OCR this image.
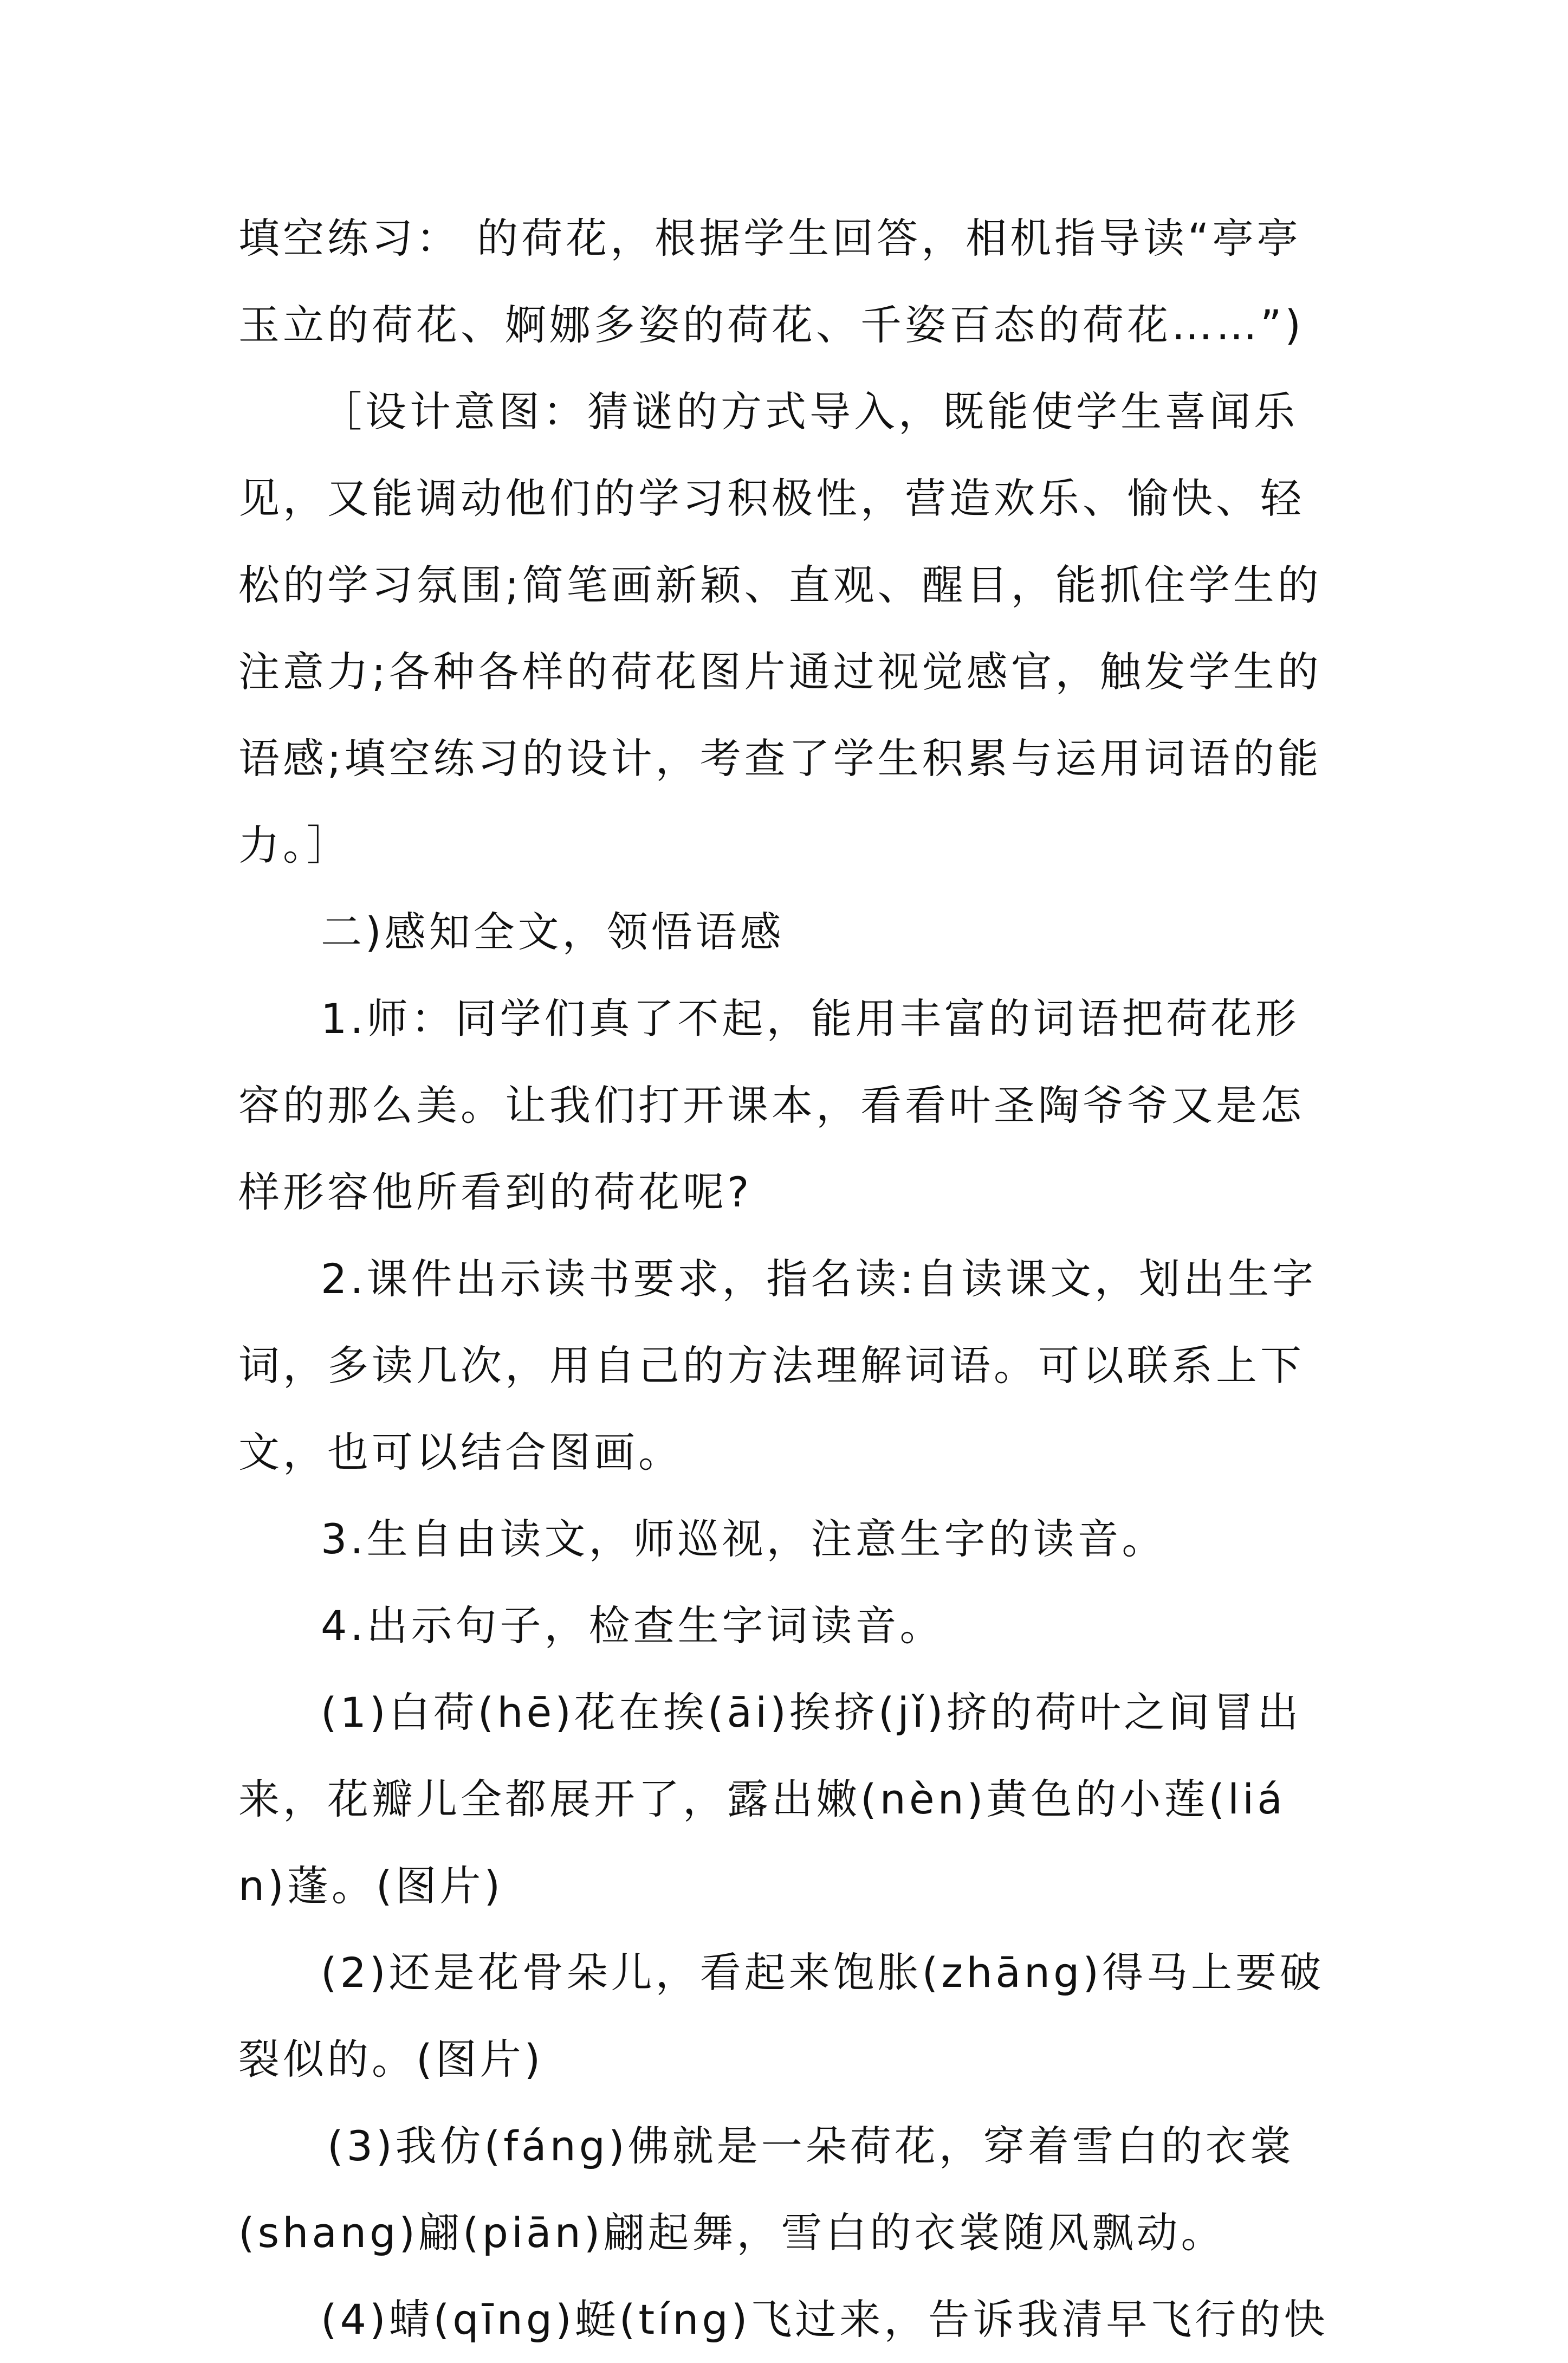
填空练习： 的荷花，根据学生回答，相机指导读“亭亭玉立的荷花、婀娜多姿的荷花、千姿百态的荷花……”)

［设计意图：猜谜的方式导入，既能使学生喜闻乐见，又能调动他们的学习积极性，营造欢乐、愉快、轻松的学习氛围;简笔画新颖、直观、醒目，能抓住学生的注意力;各种各样的荷花图片通过视觉感官，触发学生的语感;填空练习的设计，考查了学生积累与运用词语的能力。］

二)感知全文，领悟语感

1.师：同学们真了不起，能用丰富的词语把荷花形容的那么美。让我们打开课本，看看叶圣陶爷爷又是怎样形容他所看到的荷花呢?

2.课件出示读书要求，指名读:自读课文，划出生字词，多读几次，用自己的方法理解词语。可以联系上下文，也可以结合图画。

3.生自由读文，师巡视，注意生字的读音。

4.出示句子，检查生字词读音。

(1)白荷(hē)花在挨(āi)挨挤(jǐ)挤的荷叶之间冒出来，花瓣儿全都展开了，露出嫩(nèn)黄色的小莲(lián)蓬。(图片)

(2)还是花骨朵儿，看起来饱胀(zhāng)得马上要破裂似的。(图片)

(3)我仿(fáng)佛就是一朵荷花，穿着雪白的衣裳(shang)翩(piān)翩起舞，雪白的衣裳随风飘动。

(4)蜻(qīng)蜓(tíng)飞过来，告诉我清早飞行的快
